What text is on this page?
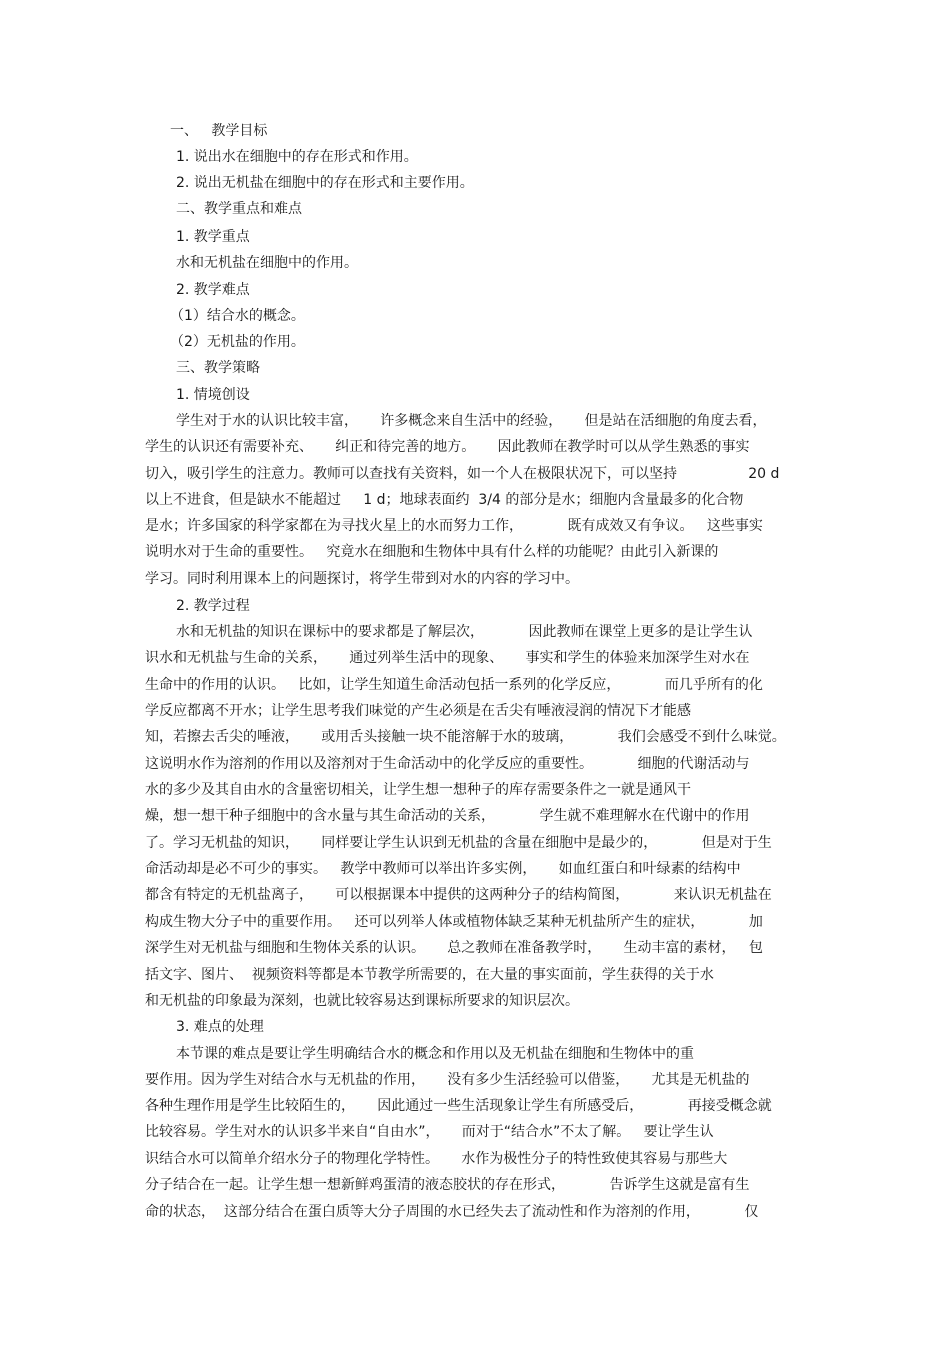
一、   教学目标
1. 说出水在细胞中的存在形式和作用。
2. 说出无机盐在细胞中的存在形式和主要作用。
二、教学重点和难点
1. 教学重点
水和无机盐在细胞中的作用。
2. 教学难点
（1）结合水的概念。
（2）无机盐的作用。
三、教学策略
1. 情境创设
学生对于水的认识比较丰富，     许多概念来自生活中的经验，     但是站在活细胞的角度去看，
学生的认识还有需要补充、     纠正和待完善的地方。     因此教师在教学时可以从学生熟悉的事实
切入，吸引学生的注意力。教师可以查找有关资料，如一个人在极限状况下，可以坚持                20 d
以上不进食，但是缺水不能超过     1 d；地球表面约  3/4 的部分是水；细胞内含量最多的化合物
是水；许多国家的科学家都在为寻找火星上的水而努力工作，          既有成效又有争议。   这些事实
说明水对于生命的重要性。   究竟水在细胞和生物体中具有什么样的功能呢？由此引入新课的
学习。同时利用课本上的问题探讨，将学生带到对水的内容的学习中。
2. 教学过程
水和无机盐的知识在课标中的要求都是了解层次，          因此教师在课堂上更多的是让学生认
识水和无机盐与生命的关系，     通过列举生活中的现象、     事实和学生的体验来加深学生对水在
生命中的作用的认识。   比如，让学生知道生命活动包括一系列的化学反应，          而几乎所有的化
学反应都离不开水；让学生思考我们味觉的产生必须是在舌尖有唾液浸润的情况下才能感
知，若擦去舌尖的唾液，     或用舌头接触一块不能溶解于水的玻璃，          我们会感受不到什么味觉。
这说明水作为溶剂的作用以及溶剂对于生命活动中的化学反应的重要性。          细胞的代谢活动与
水的多少及其自由水的含量密切相关，让学生想一想种子的库存需要条件之一就是通风干
燥，想一想干种子细胞中的含水量与其生命活动的关系，          学生就不难理解水在代谢中的作用
了。学习无机盐的知识，     同样要让学生认识到无机盐的含量在细胞中是最少的，          但是对于生
命活动却是必不可少的事实。   教学中教师可以举出许多实例，     如血红蛋白和叶绿素的结构中
都含有特定的无机盐离子，     可以根据课本中提供的这两种分子的结构简图，          来认识无机盐在
构成生物大分子中的重要作用。   还可以列举人体或植物体缺乏某种无机盐所产生的症状，          加
深学生对无机盐与细胞和生物体关系的认识。     总之教师在准备教学时，     生动丰富的素材，   包
括文字、图片、  视频资料等都是本节教学所需要的，在大量的事实面前，学生获得的关于水
和无机盐的印象最为深刻，也就比较容易达到课标所要求的知识层次。
3. 难点的处理
本节课的难点是要让学生明确结合水的概念和作用以及无机盐在细胞和生物体中的重
要作用。因为学生对结合水与无机盐的作用，     没有多少生活经验可以借鉴，     尤其是无机盐的
各种生理作用是学生比较陌生的，     因此通过一些生活现象让学生有所感受后，          再接受概念就
比较容易。学生对水的认识多半来自“自由水”，     而对于“结合水”不太了解。   要让学生认
识结合水可以简单介绍水分子的物理化学特性。     水作为极性分子的特性致使其容易与那些大
分子结合在一起。让学生想一想新鲜鸡蛋清的液态胶状的存在形式，          告诉学生这就是富有生
命的状态，  这部分结合在蛋白质等大分子周围的水已经失去了流动性和作为溶剂的作用，          仅
